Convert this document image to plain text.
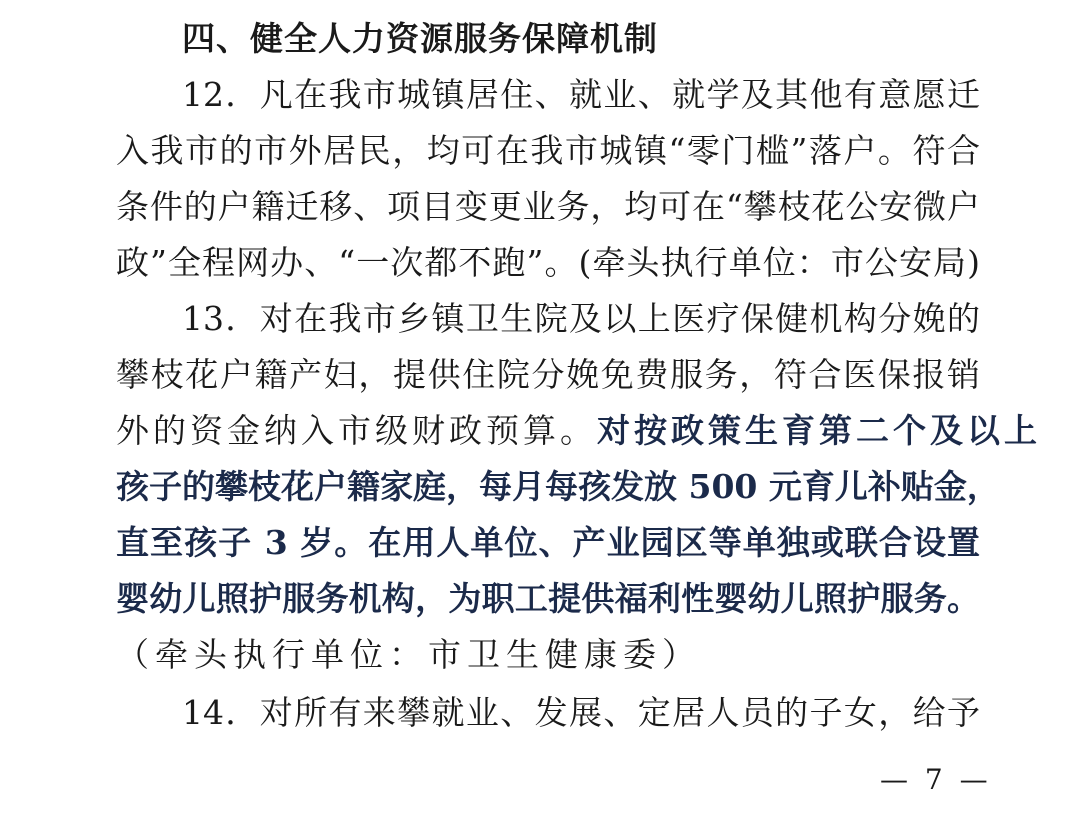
四、健全人力资源服务保障机制
12．凡在我市城镇居住、就业、就学及其他有意愿迁
入我市的市外居民，均可在我市城镇“零门槛”落户。符合
条件的户籍迁移、项目变更业务，均可在“攀枝花公安微户
政”全程网办、“一次都不跑”。(牵头执行单位：市公安局)
13．对在我市乡镇卫生院及以上医疗保健机构分娩的
攀枝花户籍产妇，提供住院分娩免费服务，符合医保报销
外的资金纳入市级财政预算。对按政策生育第二个及以上
孩子的攀枝花户籍家庭，每月每孩发放 500 元育儿补贴金，
直至孩子 3 岁。在用人单位、产业园区等单独或联合设置
婴幼儿照护服务机构，为职工提供福利性婴幼儿照护服务。
（牵头执行单位：市卫生健康委）
14．对所有来攀就业、发展、定居人员的子女，给予
— 7 —
